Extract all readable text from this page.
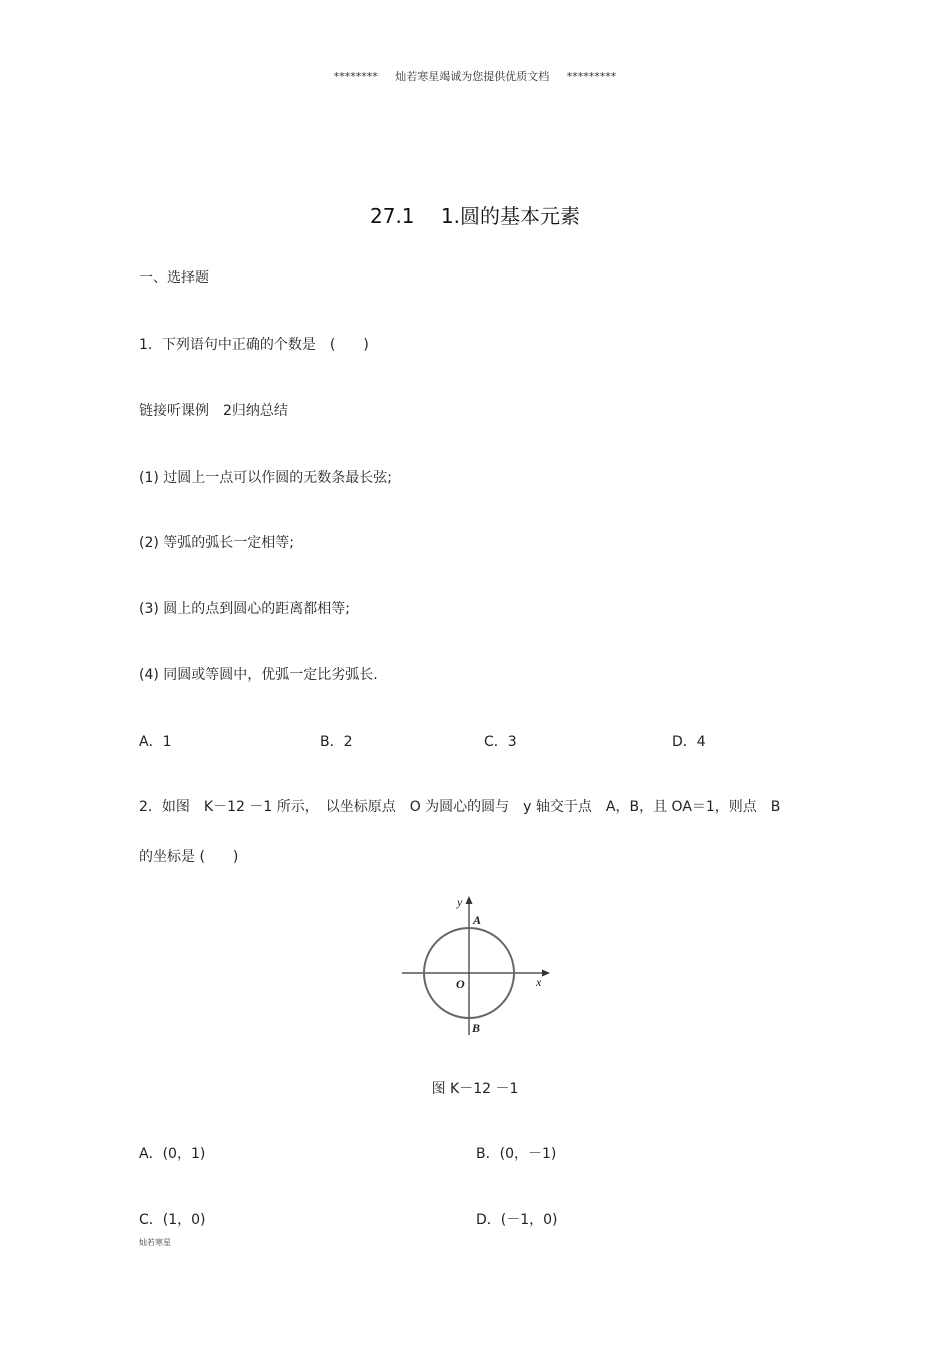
******** 灿若寒星竭诚为您提供优质文档 *********
27.1　 1.圆的基本元素
一、选择题
1．下列语句中正确的个数是　(　　)
链接听课例　2归纳总结
(1) 过圆上一点可以作圆的无数条最长弦;
(2) 等弧的弧长一定相等;
(3) 圆上的点到圆心的距离都相等;
(4) 同圆或等圆中，优弧一定比劣弧长.
A．1	B．2	C．3	D．4
2．如图　K－12 －1 所示，　以坐标原点　O 为圆心的圆与　y 轴交于点　A，B，且 OA＝1，则点　B
的坐标是 (　　)
y
A
O	x
B
图 K－12 －1
A．(0，1)	B．(0，－1)
C．(1，0)	D．(－1，0)
灿若寒星
